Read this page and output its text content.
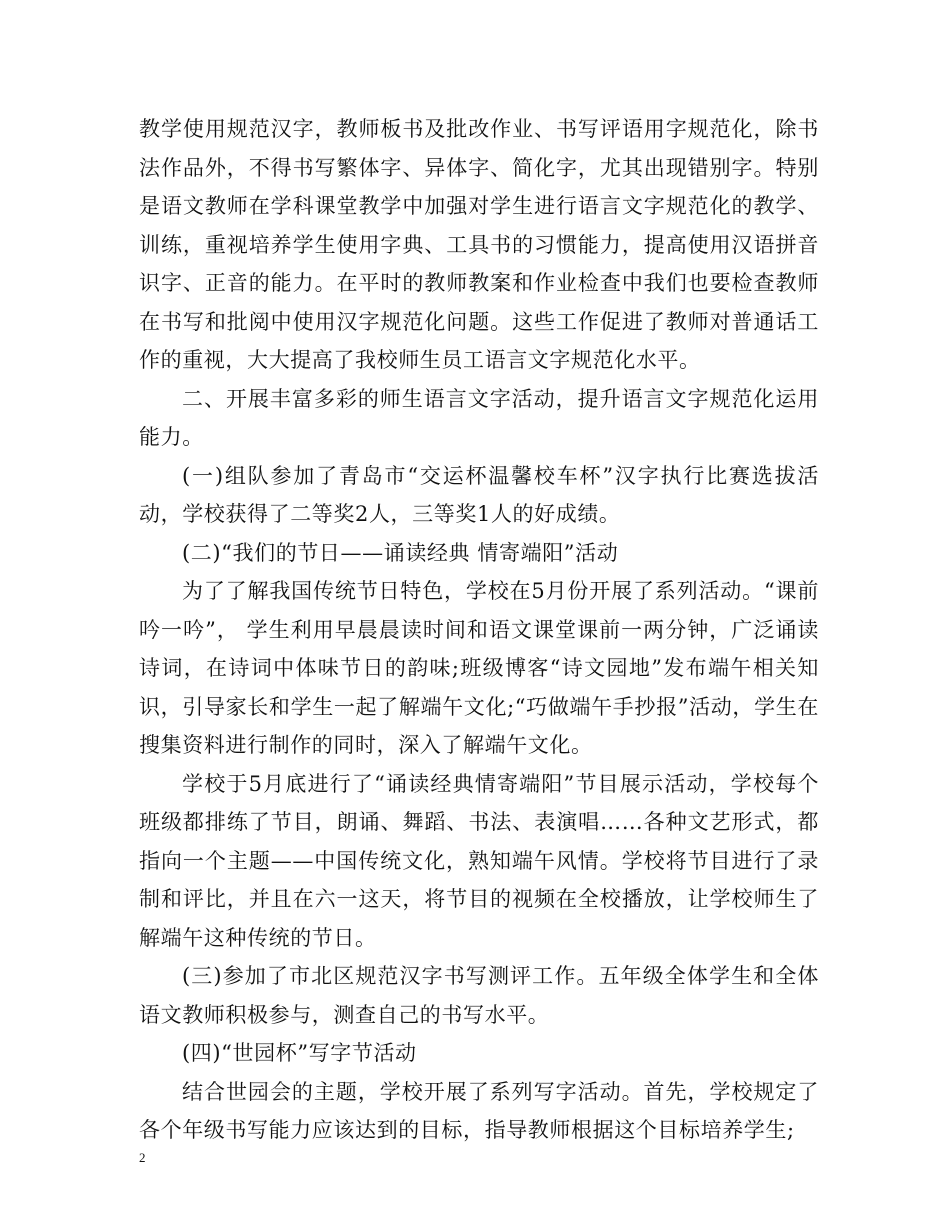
教学使用规范汉字，教师板书及批改作业、书写评语用字规范化，除书法作品外，不得书写繁体字、异体字、简化字，尤其出现错别字。特别是语文教师在学科课堂教学中加强对学生进行语言文字规范化的教学、训练，重视培养学生使用字典、工具书的习惯能力，提高使用汉语拼音识字、正音的能力。在平时的教师教案和作业检查中我们也要检查教师在书写和批阅中使用汉字规范化问题。这些工作促进了教师对普通话工作的重视，大大提高了我校师生员工语言文字规范化水平。

二、开展丰富多彩的师生语言文字活动，提升语言文字规范化运用能力。

(一)组队参加了青岛市“交运杯温馨校车杯”汉字执行比赛选拔活动，学校获得了二等奖2人，三等奖1人的好成绩。

(二)“我们的节日——诵读经典 情寄端阳”活动

为了了解我国传统节日特色，学校在5月份开展了系列活动。“课前吟一吟”， 学生利用早晨晨读时间和语文课堂课前一两分钟，广泛诵读诗词，在诗词中体味节日的韵味;班级博客“诗文园地”发布端午相关知识，引导家长和学生一起了解端午文化;“巧做端午手抄报”活动，学生在搜集资料进行制作的同时，深入了解端午文化。

学校于5月底进行了“诵读经典情寄端阳”节目展示活动，学校每个班级都排练了节目，朗诵、舞蹈、书法、表演唱……各种文艺形式，都指向一个主题——中国传统文化，熟知端午风情。学校将节目进行了录制和评比，并且在六一这天，将节目的视频在全校播放，让学校师生了解端午这种传统的节日。

(三)参加了市北区规范汉字书写测评工作。五年级全体学生和全体语文教师积极参与，测查自己的书写水平。

(四)“世园杯”写字节活动

结合世园会的主题，学校开展了系列写字活动。首先，学校规定了各个年级书写能力应该达到的目标，指导教师根据这个目标培养学生;

2
